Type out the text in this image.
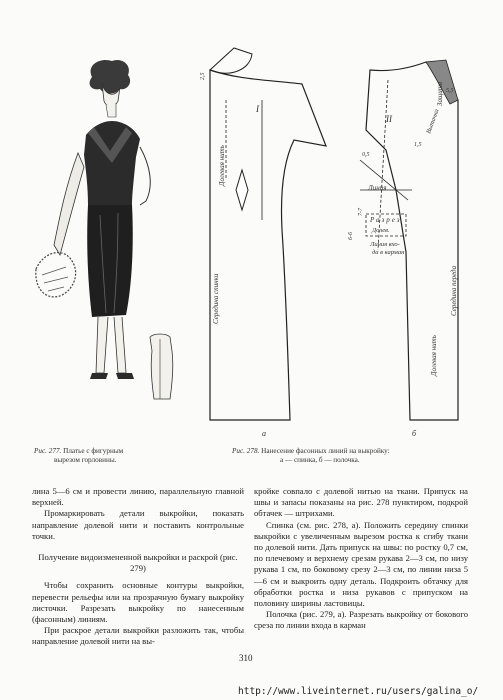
Рис. 277. Платье с фигурным
вырезом горловины.
I
II
Долевая нить
Середина спинки
Долевая нить
Середина переда
Защипы
Вытачка
Линия
Разрез
Долев.
Линия вхо-
да в карман
2,5
1,5
5,5
0,5
7-7
6-6
а	б
Рис. 278. Нанесение фасонных линий на выкройку:
а — спинка, б — полочка.

лина 5—6 см и провести линию, параллельную главной верхней.

Промаркировать детали выкройки, показать направление долевой нити и поставить контрольные точки.

Получение видоизмененной выкройки и раскрой (рис. 279)

Чтобы сохранить основные контуры выкройки, перевести рельефы или на прозрачную бумагу выкройку листочки. Разрезать выкройку по нанесенным (фасонным) линиям.

При раскрое детали выкройки разложить так, чтобы направление долевой нити на вы-

кройке совпало с долевой нитью на ткани. Припуск на швы и запасы показаны на рис. 278 пунктиром, подкрой обтачек — штрихами.

Спинка (см. рис. 278, а). Положить середину спинки выкройки с увеличенным вырезом ростка к сгибу ткани по долевой нити. Дать припуск на швы: по ростку 0,7 см, по плечевому и верхнему срезам рукава 2—3 см, по низу рукава 1 см, по боковому срезу 2—3 см, по линии низа 5—6 см и выкроить одну деталь. Подкроить обтачку для обработки ростка и низа рукавов с припуском на половину ширины ластовицы.

Полочка (рис. 279, а). Разрезать выкройку от бокового среза по линии входа в карман

310
http://www.liveinternet.ru/users/galina_o/
